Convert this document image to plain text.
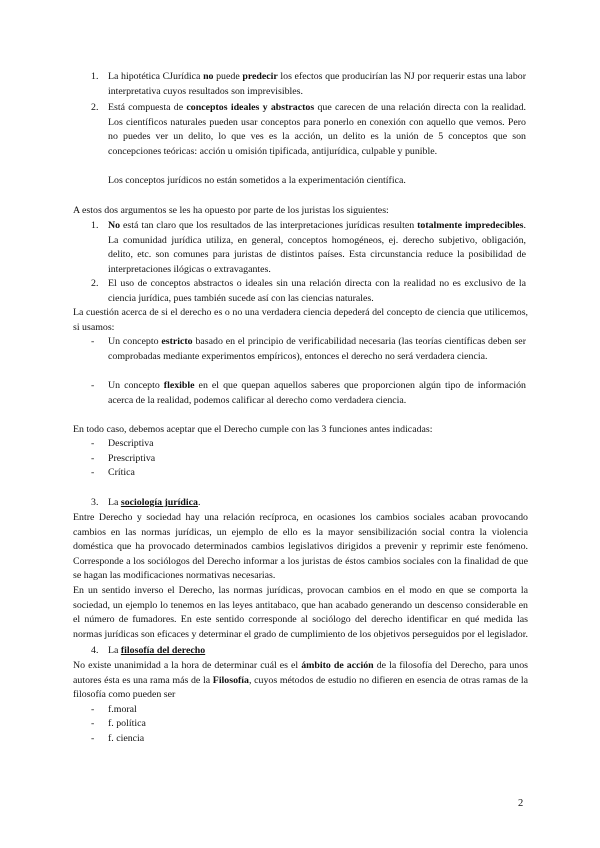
1. La hipotética CJurídica no puede predecir los efectos que producirían las NJ por requerir estas una labor interpretativa cuyos resultados son imprevisibles.

2. Está compuesta de conceptos ideales y abstractos que carecen de una relación directa con la realidad. Los científicos naturales pueden usar conceptos para ponerlo en conexión con aquello que vemos. Pero no puedes ver un delito, lo que ves es la acción, un delito es la unión de 5 conceptos que son concepciones teóricas: acción u omisión tipificada, antijurídica, culpable y punible.

Los conceptos jurídicos no están sometidos a la experimentación científica.

A estos dos argumentos se les ha opuesto por parte de los juristas los siguientes:

1. No está tan claro que los resultados de las interpretaciones jurídicas resulten totalmente impredecibles. La comunidad jurídica utiliza, en general, conceptos homogéneos, ej. derecho subjetivo, obligación, delito, etc. son comunes para juristas de distintos países. Esta circunstancia reduce la posibilidad de interpretaciones ilógicas o extravagantes.

2. El uso de conceptos abstractos o ideales sin una relación directa con la realidad no es exclusivo de la ciencia jurídica, pues también sucede así con las ciencias naturales.

La cuestión acerca de si el derecho es o no una verdadera ciencia depederá del concepto de ciencia que utilicemos, si usamos:

- Un concepto estricto basado en el principio de verificabilidad necesaria (las teorías científicas deben ser comprobadas mediante experimentos empíricos), entonces el derecho no será verdadera ciencia.

- Un concepto flexible en el que quepan aquellos saberes que proporcionen algún tipo de información acerca de la realidad, podemos calificar al derecho como verdadera ciencia.

En todo caso, debemos aceptar que el Derecho cumple con las 3 funciones antes indicadas:

- Descriptiva

- Prescriptiva

- Crítica

3. La sociología jurídica.

Entre Derecho y sociedad hay una relación recíproca, en ocasiones los cambios sociales acaban provocando cambios en las normas jurídicas, un ejemplo de ello es la mayor sensibilización social contra la violencia doméstica que ha provocado determinados cambios legislativos dirigidos a prevenir y reprimir este fenómeno. Corresponde a los sociólogos del Derecho informar a los juristas de éstos cambios sociales con la finalidad de que se hagan las modificaciones normativas necesarias.

En un sentido inverso el Derecho, las normas jurídicas, provocan cambios en el modo en que se comporta la sociedad, un ejemplo lo tenemos en las leyes antitabaco, que han acabado generando un descenso considerable en el número de fumadores. En este sentido corresponde al sociólogo del derecho identificar en qué medida las normas jurídicas son eficaces y determinar el grado de cumplimiento de los objetivos perseguidos por el legislador.

4. La filosofía del derecho

No existe unanimidad a la hora de determinar cuál es el ámbito de acción de la filosofía del Derecho, para unos autores ésta es una rama más de la Filosofía, cuyos métodos de estudio no difieren en esencia de otras ramas de la filosofía como pueden ser

- f.moral

- f. política

- f. ciencia

2
